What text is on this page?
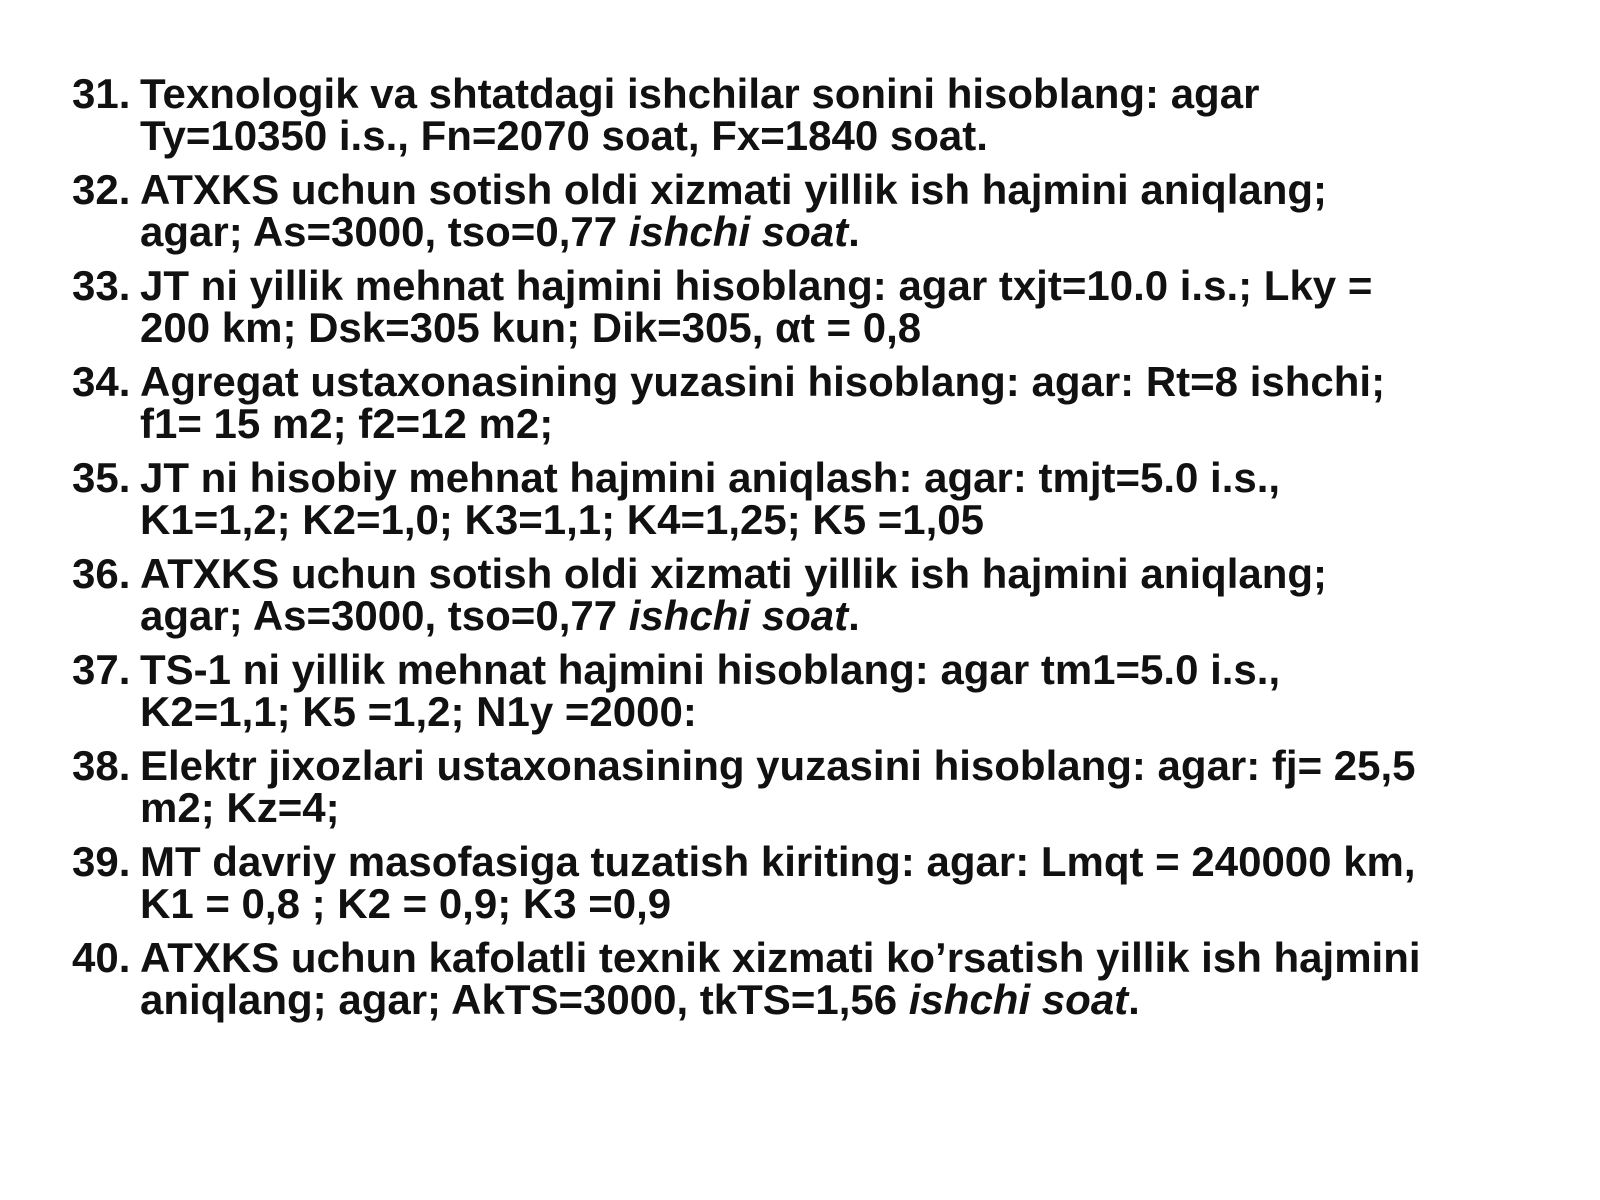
31. Texnologik va shtatdagi ishchilar sonini hisoblang: agar
Ty=10350 i.s., Fn=2070 soat, Fx=1840 soat.
32. ATXKS uchun sotish oldi xizmati yillik ish hajmini aniqlang;
agar; As=3000, tso=0,77 ishchi soat.
33. JT ni yillik mehnat hajmini hisoblang: agar txjt=10.0 i.s.; Lky =
200 km; Dsk=305 kun; Dik=305, αt = 0,8
34. Agregat ustaxonasining yuzasini hisoblang: agar: Rt=8 ishchi;
f1= 15 m2; f2=12 m2;
35. JT ni hisobiy mehnat hajmini aniqlash: agar: tmjt=5.0 i.s.,
K1=1,2; K2=1,0; K3=1,1; K4=1,25; K5 =1,05
36. ATXKS uchun sotish oldi xizmati yillik ish hajmini aniqlang;
agar; As=3000, tso=0,77 ishchi soat.
37. TS-1 ni yillik mehnat hajmini hisoblang: agar tm1=5.0 i.s.,
K2=1,1; K5 =1,2; N1y =2000:
38. Elektr jixozlari ustaxonasining yuzasini hisoblang: agar: fj= 25,5
m2; Kz=4;
39. MT davriy masofasiga tuzatish kiriting: agar: Lmqt = 240000 km,
K1 = 0,8 ; K2 = 0,9; K3 =0,9
40. ATXKS uchun kafolatli texnik xizmati ko’rsatish yillik ish hajmini
aniqlang; agar; AkTS=3000, tkTS=1,56 ishchi soat.
